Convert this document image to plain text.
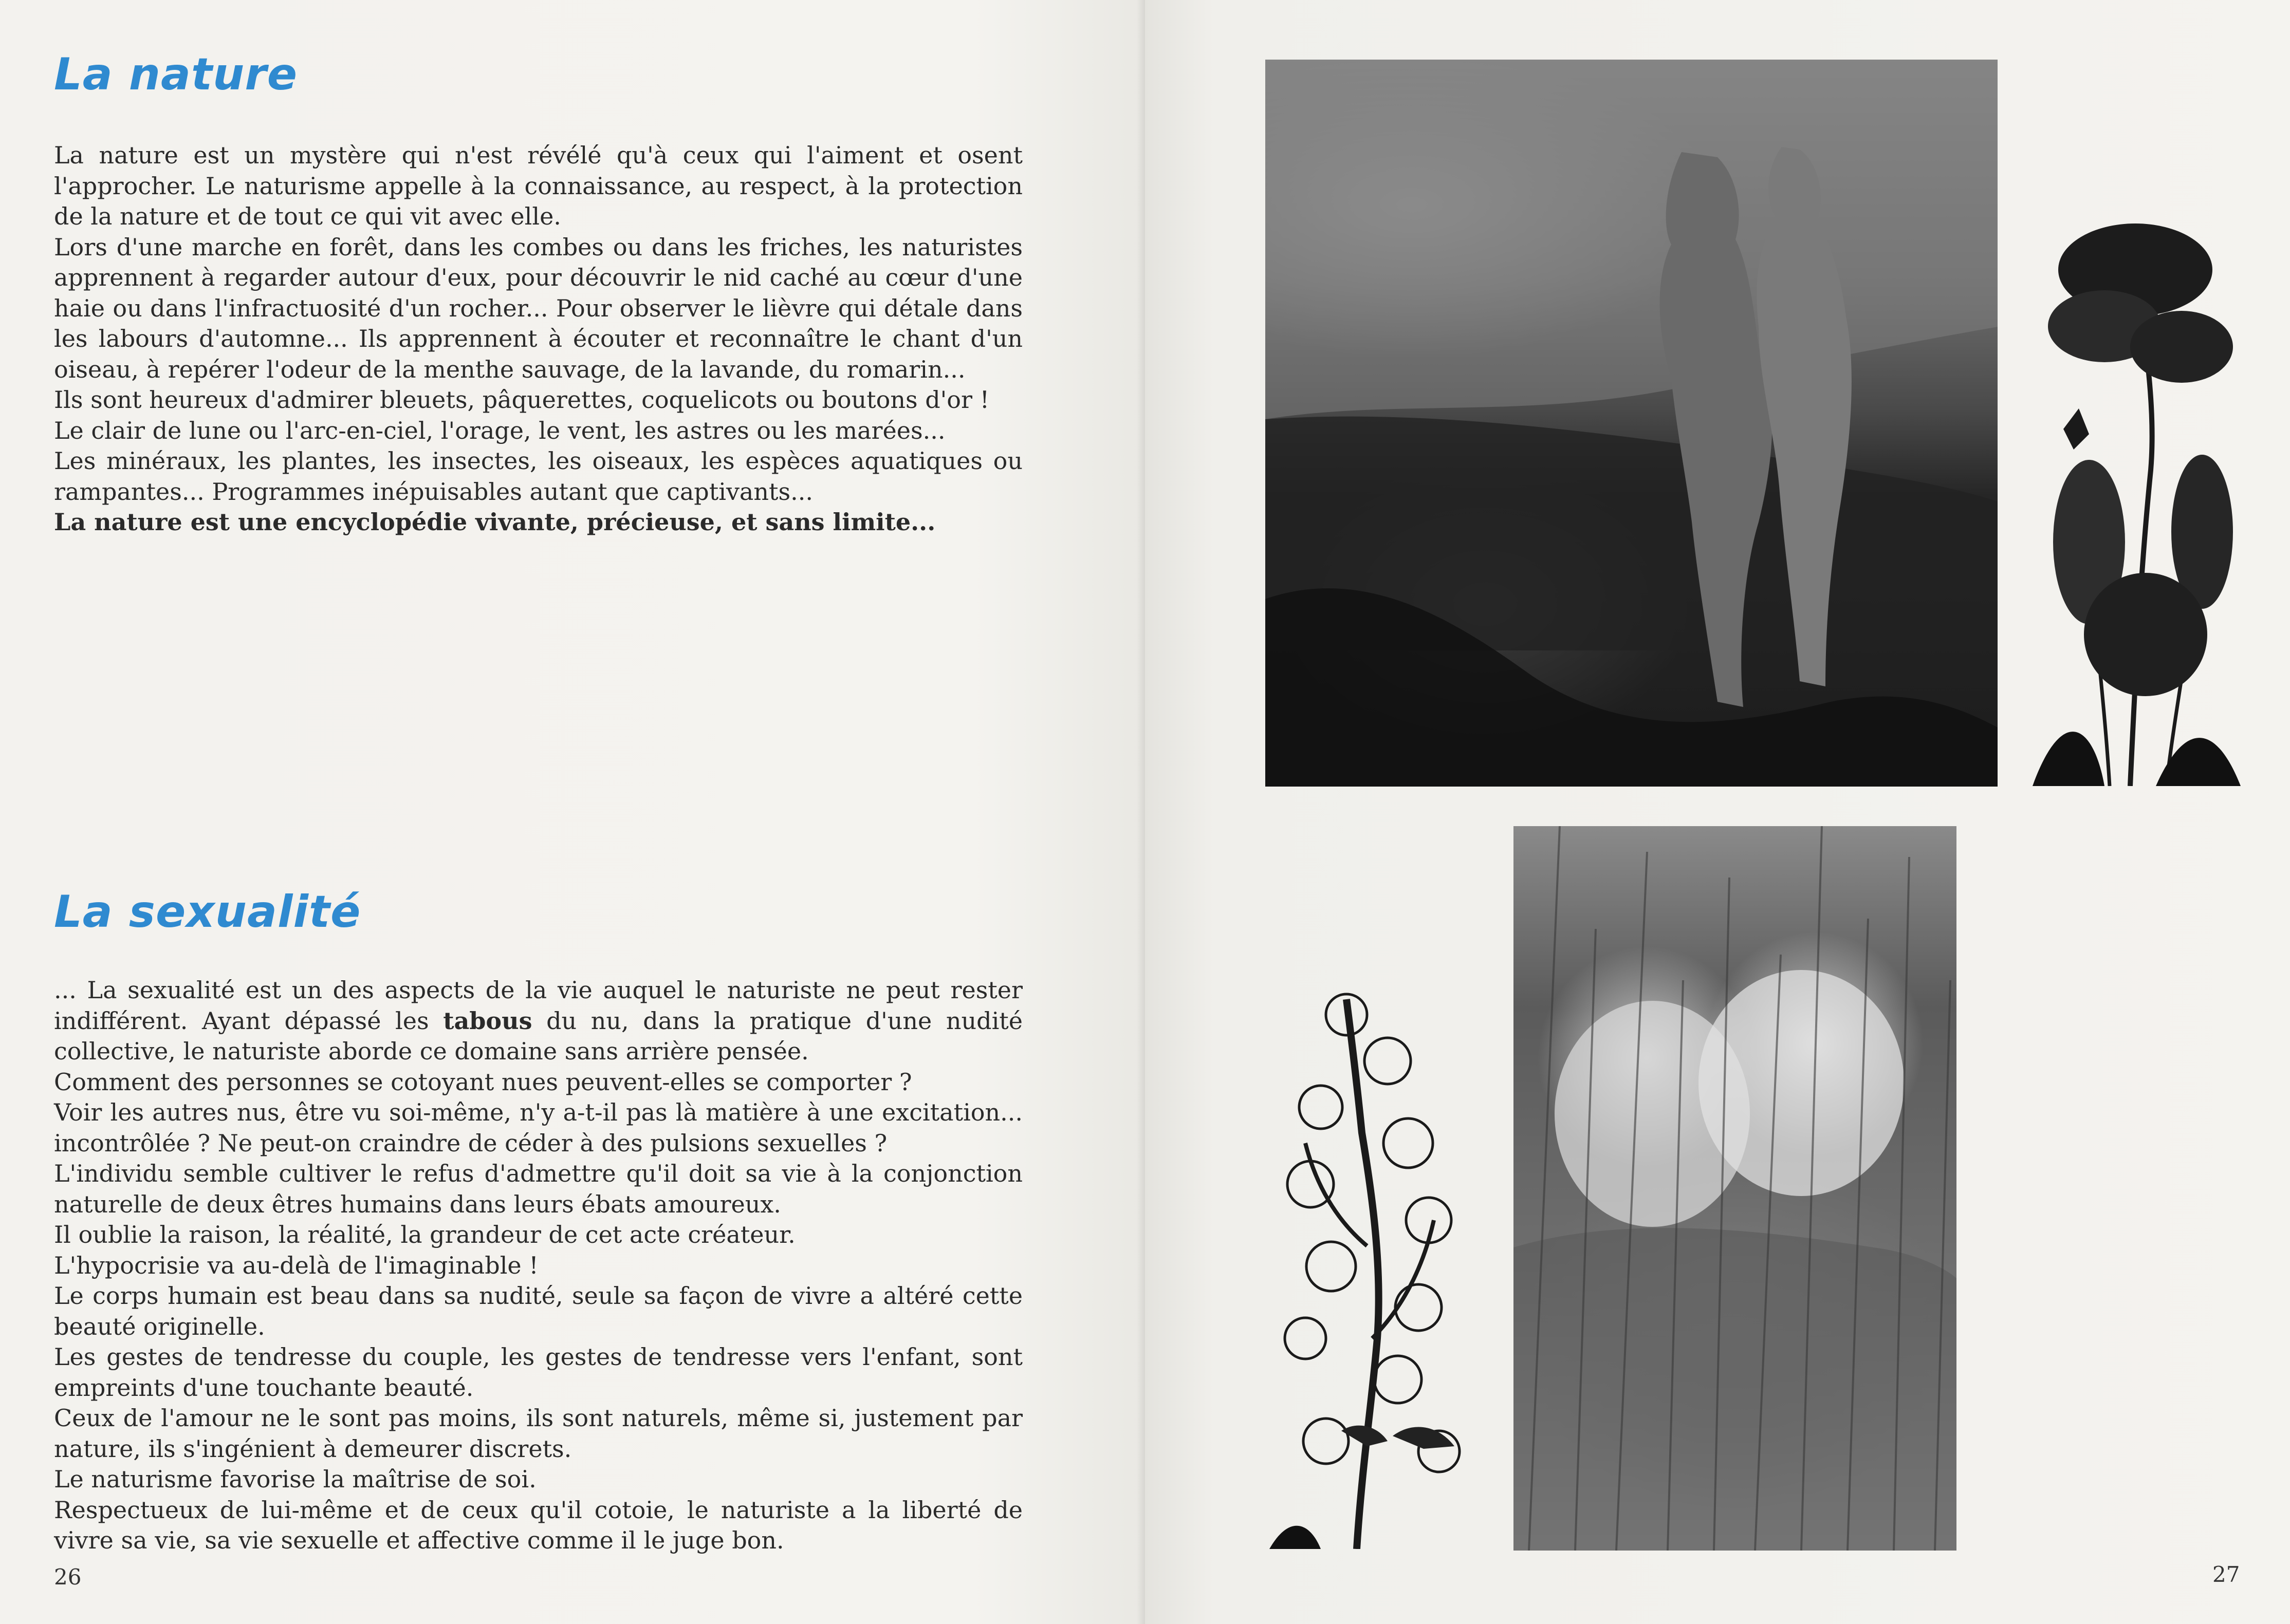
La nature

La nature est un mystère qui n'est révélé qu'à ceux qui l'aiment et osent l'approcher. Le naturisme appelle à la connaissance, au respect, à la protection de la nature et de tout ce qui vit avec elle.

Lors d'une marche en forêt, dans les combes ou dans les friches, les naturistes apprennent à regarder autour d'eux, pour découvrir le nid caché au cœur d'une haie ou dans l'infractuosité d'un rocher... Pour observer le lièvre qui détale dans les labours d'automne... Ils apprennent à écouter et reconnaître le chant d'un oiseau, à repérer l'odeur de la menthe sauvage, de la lavande, du romarin...

Ils sont heureux d'admirer bleuets, pâquerettes, coquelicots ou boutons d'or !

Le clair de lune ou l'arc-en-ciel, l'orage, le vent, les astres ou les marées...

Les minéraux, les plantes, les insectes, les oiseaux, les espèces aquatiques ou rampantes... Programmes inépuisables autant que captivants...

La nature est une encyclopédie vivante, précieuse, et sans limite...

La sexualité

... La sexualité est un des aspects de la vie auquel le naturiste ne peut rester indifférent. Ayant dépassé les tabous du nu, dans la pratique d'une nudité collective, le naturiste aborde ce domaine sans arrière pensée.

Comment des personnes se cotoyant nues peuvent-elles se comporter ?

Voir les autres nus, être vu soi-même, n'y a-t-il pas là matière à une excitation... incontrôlée ? Ne peut-on craindre de céder à des pulsions sexuelles ?

L'individu semble cultiver le refus d'admettre qu'il doit sa vie à la conjonction naturelle de deux êtres humains dans leurs ébats amoureux.

Il oublie la raison, la réalité, la grandeur de cet acte créateur.

L'hypocrisie va au-delà de l'imaginable !

Le corps humain est beau dans sa nudité, seule sa façon de vivre a altéré cette beauté originelle.

Les gestes de tendresse du couple, les gestes de tendresse vers l'enfant, sont empreints d'une touchante beauté.

Ceux de l'amour ne le sont pas moins, ils sont naturels, même si, justement par nature, ils s'ingénient à demeurer discrets.

Le naturisme favorise la maîtrise de soi.

Respectueux de lui-même et de ceux qu'il cotoie, le naturiste a la liberté de vivre sa vie, sa vie sexuelle et affective comme il le juge bon.

26	27
